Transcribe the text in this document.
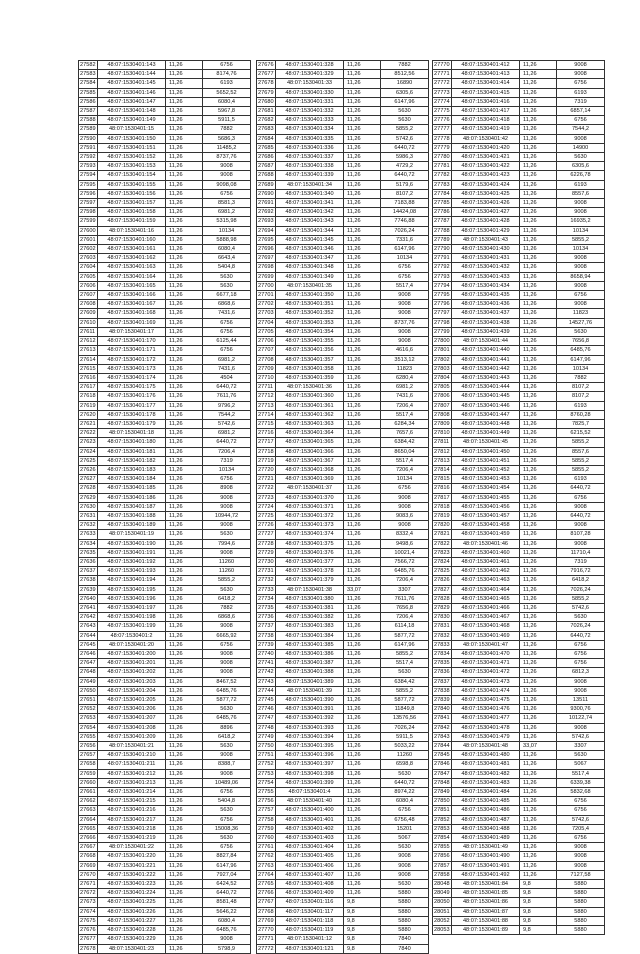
27582	48:07:1530401:143	11,26	6756
27583	48:07:1530401:144	11,26	8174,76
27584	48:07:1530401:145	11,26	6193
27585	48:07:1530401:146	11,26	5652,52
27586	48:07:1530401:147	11,26	6080,4
27587	48:07:1530401:148	11,26	5967,8
27588	48:07:1530401:149	11,26	5911,5
27589	48:07:1530401:15	11,26	7882
27590	48:07:1530401:150	11,26	5686,3
27591	48:07:1530401:151	11,26	11485,2
27592	48:07:1530401:152	11,26	8737,76
27593	48:07:1530401:153	11,26	9008
27594	48:07:1530401:154	11,26	9008
27595	48:07:1530401:155	11,26	9098,08
27596	48:07:1530401:156	11,26	6756
27597	48:07:1530401:157	11,26	8581,3
27598	48:07:1530401:158	11,26	6981,2
27599	48:07:1530401:159	11,26	5315,98
27600	48:07:1530401:16	11,26	10134
27601	48:07:1530401:160	11,26	5888,98
27602	48:07:1530401:161	11,26	6080,4
27603	48:07:1530401:162	11,26	6643,4
27604	48:07:1530401:163	11,26	5404,8
27605	48:07:1530401:164	11,26	5630
27606	48:07:1530401:165	11,26	5630
27607	48:07:1530401:166	11,26	6677,18
27608	48:07:1530401:167	11,26	6868,6
27609	48:07:1530401:168	11,26	7431,6
27610	48:07:1530401:169	11,26	6756
27611	48:07:1530401:17	11,26	6756
27612	48:07:1530401:170	11,26	6125,44
27613	48:07:1530401:171	11,26	6756
27614	48:07:1530401:172	11,26	6981,2
27615	48:07:1530401:173	11,26	7431,6
27616	48:07:1530401:174	11,26	4504
27617	48:07:1530401:175	11,26	6440,72
27618	48:07:1530401:176	11,26	7611,76
27619	48:07:1530401:177	11,26	9796,2
27620	48:07:1530401:178	11,26	7544,2
27621	48:07:1530401:179	11,26	5742,6
27622	48:07:1530401:18	11,26	6981,2
27623	48:07:1530401:180	11,26	6440,72
27624	48:07:1530401:181	11,26	7206,4
27625	48:07:1530401:182	11,26	7319
27626	48:07:1530401:183	11,26	10134
27627	48:07:1530401:184	11,26	6756
27628	48:07:1530401:185	11,26	8908
27629	48:07:1530401:186	11,26	9008
27630	48:07:1530401:187	11,26	9008
27631	48:07:1530401:188	11,26	10944,72
27632	48:07:1530401:189	11,26	9008
27633	48:07:1530401:19	11,26	5630
27634	48:07:1530401:190	11,26	7994,6
27635	48:07:1530401:191	11,26	9008
27636	48:07:1530401:192	11,26	11260
27637	48:07:1530401:193	11,26	11260
27638	48:07:1530401:194	11,26	5855,2
27639	48:07:1530401:195	11,26	5630
27640	48:07:1530401:196	11,26	6418,2
27641	48:07:1530401:197	11,26	7882
27642	48:07:1530401:198	11,26	6868,6
27643	48:07:1530401:199	11,26	9008
27644	48:07:1530401:2	11,26	6665,92
27645	48:07:1530401:20	11,26	6756
27646	48:07:1530401:200	11,26	9008
27647	48:07:1530401:201	11,26	9008
27648	48:07:1530401:202	11,26	9008
27649	48:07:1530401:203	11,26	8467,52
27650	48:07:1530401:204	11,26	6485,76
27651	48:07:1530401:205	11,26	5877,72
27652	48:07:1530401:206	11,26	5630
27653	48:07:1530401:207	11,26	6485,76
27654	48:07:1530401:208	11,26	8896
27655	48:07:1530401:209	11,26	6418,2
27656	48:07:1530401:21	11,26	5630
27657	48:07:1530401:210	11,26	9008
27658	48:07:1530401:211	11,26	8388,7
27659	48:07:1530401:212	11,26	9008
27660	48:07:1530401:213	11,26	10489,06
27661	48:07:1530401:214	11,26	6756
27662	48:07:1530401:215	11,26	5404,8
27663	48:07:1530401:216	11,26	5630
27664	48:07:1530401:217	11,26	6756
27665	48:07:1530401:218	11,26	15008,36
27666	48:07:1530401:219	11,26	5630
27667	48:07:1530401:22	11,26	6756
27668	48:07:1530401:220	11,26	8827,84
27669	48:07:1530401:221	11,26	6147,96
27670	48:07:1530401:222	11,26	7927,04
27671	48:07:1530401:223	11,26	6424,52
27672	48:07:1530401:224	11,26	6440,72
27673	48:07:1530401:225	11,26	8581,48
27674	48:07:1530401:226	11,26	5646,22
27675	48:07:1530401:227	11,26	6080,4
27676	48:07:1530401:228	11,26	6485,76
27677	48:07:1530401:229	11,26	9008
27678	48:07:1530401:23	11,26	5798,9
27676	48:07:1530401:328	11,26	7882
27677	48:07:1530401:329	11,26	8512,56
27678	48:07:1530401:33	11,26	16890
27679	48:07:1530401:330	11,26	6305,6
27680	48:07:1530401:331	11,26	6147,96
27681	48:07:1530401:332	11,26	5630
27682	48:07:1530401:333	11,26	5630
27683	48:07:1530401:334	11,26	5855,2
27684	48:07:1530401:335	11,26	5742,6
27685	48:07:1530401:336	11,26	6440,72
27686	48:07:1530401:337	11,26	5986,3
27687	48:07:1530401:338	11,26	4729,2
27688	48:07:1530401:339	11,26	6440,72
27689	48:07:1530401:34	11,26	5179,6
27690	48:07:1530401:340	11,26	8107,2
27691	48:07:1530401:341	11,26	7183,88
27692	48:07:1530401:342	11,26	14424,08
27693	48:07:1530401:343	11,26	7746,88
27694	48:07:1530401:344	11,26	7026,24
27695	48:07:1530401:345	11,26	7331,6
27696	48:07:1530401:346	11,26	6147,96
27697	48:07:1530401:347	11,26	10134
27698	48:07:1530401:348	11,26	6756
27699	48:07:1530401:349	11,26	6756
27700	48:07:1530401:35	11,26	5517,4
27701	48:07:1530401:350	11,26	9008
27702	48:07:1530401:351	11,26	9008
27703	48:07:1530401:352	11,26	9008
27704	48:07:1530401:353	11,26	8737,76
27705	48:07:1530401:354	11,26	9008
27706	48:07:1530401:355	11,26	9008
27707	48:07:1530401:356	11,26	4616,6
27708	48:07:1530401:357	11,26	3513,12
27709	48:07:1530401:358	11,26	11823
27710	48:07:1530401:359	11,26	6280,4
27711	48:07:1530401:36	11,26	6981,2
27712	48:07:1530401:360	11,26	7431,6
27713	48:07:1530401:361	11,26	7206,4
27714	48:07:1530401:362	11,26	5517,4
27715	48:07:1530401:363	11,26	6284,34
27716	48:07:1530401:364	11,26	7657,6
27717	48:07:1530401:365	11,26	6384,42
27718	48:07:1530401:366	11,26	8650,04
27719	48:07:1530401:367	11,26	5517,4
27720	48:07:1530401:368	11,26	7206,4
27721	48:07:1530401:369	11,26	10134
27722	48:07:1530401:37	11,26	6756
27723	48:07:1530401:370	11,26	9008
27724	48:07:1530401:371	11,26	9008
27725	48:07:1530401:372	11,26	9083,6
27726	48:07:1530401:373	11,26	9008
27727	48:07:1530401:374	11,26	8332,4
27728	48:07:1530401:375	11,26	9498,6
27729	48:07:1530401:376	11,26	10021,4
27730	48:07:1530401:377	11,26	7566,72
27731	48:07:1530401:378	11,26	6485,76
27732	48:07:1530401:379	11,26	7206,4
27733	48:07:1530401:38	33,07	3307
27734	48:07:1530401:380	11,26	7611,76
27735	48:07:1530401:381	11,26	7656,8
27736	48:07:1530401:382	11,26	7206,4
27737	48:07:1530401:383	11,26	6114,18
27738	48:07:1530401:384	11,26	5877,72
27739	48:07:1530401:385	11,26	6147,96
27740	48:07:1530401:386	11,26	5855,2
27741	48:07:1530401:387	11,26	5517,4
27742	48:07:1530401:388	11,26	5630
27743	48:07:1530401:389	11,26	6384,42
27744	48:07:1530401:39	11,26	5855,2
27745	48:07:1530401:390	11,26	5877,72
27746	48:07:1530401:391	11,26	11849,8
27747	48:07:1530401:392	11,26	13576,56
27748	48:07:1530401:393	11,26	7026,24
27749	48:07:1530401:394	11,26	5911,5
27750	48:07:1530401:395	11,26	5033,22
27751	48:07:1530401:396	11,26	11260
27752	48:07:1530401:397	11,26	6598,8
27753	48:07:1530401:398	11,26	5630
27754	48:07:1530401:399	11,26	6440,72
27755	48:07:1530401:4	11,26	8974,22
27756	48:07:1530401:40	11,26	6080,4
27757	48:07:1530401:400	11,26	6756
27758	48:07:1530401:401	11,26	6756,48
27759	48:07:1530401:402	11,26	15201
27760	48:07:1530401:403	11,26	5067
27761	48:07:1530401:404	11,26	5630
27762	48:07:1530401:405	11,26	9008
27763	48:07:1530401:406	11,26	9008
27764	48:07:1530401:407	11,26	9008
27765	48:07:1530401:408	11,26	5630
27766	48:07:1530401:409	11,26	5880
27767	48:07:1530401:116	9,8	5880
27768	48:07:1530401:117	9,8	5880
27769	48:07:1530401:118	9,8	5880
27770	48:07:1530401:119	9,8	5880
27771	48:07:1530401:12	9,8	7840
27772	48:07:1530401:121	9,8	7840
27770	48:07:1530401:412	11,26	9008
27771	48:07:1530401:413	11,26	9008
27772	48:07:1530401:414	11,26	6756
27773	48:07:1530401:415	11,26	6193
27774	48:07:1530401:416	11,26	7319
27775	48:07:1530401:417	11,26	6857,14
27776	48:07:1530401:418	11,26	6756
27777	48:07:1530401:419	11,26	7544,2
27778	48:07:1530401:42	11,26	9008
27779	48:07:1530401:420	11,26	14900
27780	48:07:1530401:421	11,26	5630
27781	48:07:1530401:422	11,26	6305,6
27782	48:07:1530401:423	11,26	6226,78
27783	48:07:1530401:424	11,26	6193
27784	48:07:1530401:425	11,26	8557,6
27785	48:07:1530401:426	11,26	9008
27786	48:07:1530401:427	11,26	9008
27787	48:07:1530401:428	11,26	16935,2
27788	48:07:1530401:429	11,26	10134
27789	48:07:1530401:43	11,26	5855,2
27790	48:07:1530401:430	11,26	10134
27791	48:07:1530401:431	11,26	9008
27792	48:07:1530401:432	11,26	9008
27793	48:07:1530401:433	11,26	8658,94
27794	48:07:1530401:434	11,26	9008
27795	48:07:1530401:435	11,26	6756
27796	48:07:1530401:436	11,26	9008
27797	48:07:1530401:437	11,26	11823
27798	48:07:1530401:438	11,26	14527,76
27799	48:07:1530401:439	11,26	5630
27800	48:07:1530401:44	11,26	7656,8
27801	48:07:1530401:440	11,26	6485,76
27802	48:07:1530401:441	11,26	6147,96
27803	48:07:1530401:442	11,26	10134
27804	48:07:1530401:443	11,26	7882
27805	48:07:1530401:444	11,26	8107,2
27806	48:07:1530401:445	11,26	8107,2
27807	48:07:1530401:446	11,26	6193
27808	48:07:1530401:447	11,26	8760,28
27809	48:07:1530401:448	11,26	7825,7
27810	48:07:1530401:449	11,26	6215,52
27811	48:07:1530401:45	11,26	5855,2
27812	48:07:1530401:450	11,26	8557,6
27813	48:07:1530401:451	11,26	5855,2
27814	48:07:1530401:452	11,26	5855,2
27815	48:07:1530401:453	11,26	6193
27816	48:07:1530401:454	11,26	6440,72
27817	48:07:1530401:455	11,26	6756
27818	48:07:1530401:456	11,26	9008
27819	48:07:1530401:457	11,26	6440,72
27820	48:07:1530401:458	11,26	9008
27821	48:07:1530401:459	11,26	8107,28
27822	48:07:1530401:46	11,26	9008
27823	48:07:1530401:460	11,26	11710,4
27824	48:07:1530401:461	11,26	7319
27825	48:07:1530401:462	11,26	7916,72
27826	48:07:1530401:463	11,26	6418,2
27827	48:07:1530401:464	11,26	7026,24
27828	48:07:1530401:465	11,26	5855,2
27829	48:07:1530401:466	11,26	5742,6
27830	48:07:1530401:467	11,26	5630
27831	48:07:1530401:468	11,26	7026,24
27832	48:07:1530401:469	11,26	6440,72
27833	48:07:1530401:47	11,26	6756
27834	48:07:1530401:470	11,26	6756
27835	48:07:1530401:471	11,26	6756
27836	48:07:1530401:472	11,26	6812,3
27837	48:07:1530401:473	11,26	9008
27838	48:07:1530401:474	11,26	9008
27839	48:07:1530401:475	11,26	13511
27840	48:07:1530401:476	11,26	9300,76
27841	48:07:1530401:477	11,26	10122,74
27842	48:07:1530401:478	11,26	9008
27843	48:07:1530401:479	11,26	5742,6
27844	48:07:1530401:48	33,07	3307
27845	48:07:1530401:480	11,26	5630
27846	48:07:1530401:481	11,26	5067
27847	48:07:1530401:482	11,26	5517,4
27848	48:07:1530401:483	11,26	6339,38
27849	48:07:1530401:484	11,26	5832,68
27850	48:07:1530401:485	11,26	6756
27851	48:07:1530401:486	11,26	6756
27852	48:07:1530401:487	11,26	5742,6
27853	48:07:1530401:488	11,26	7205,4
27854	48:07:1530401:489	11,26	6756
27855	48:07:1530401:49	11,26	9008
27856	48:07:1530401:490	11,26	9008
27857	48:07:1530401:491	11,26	9008
27858	48:07:1530401:492	11,26	7127,58
28048	48:07:1530401:84	9,8	5880
28049	48:07:1530401:85	9,8	5880
28050	48:07:1530401:86	9,8	5880
28051	48:07:1530401:87	9,8	5880
28052	48:07:1530401:88	9,8	5880
28053	48:07:1530401:89	9,8	5880
